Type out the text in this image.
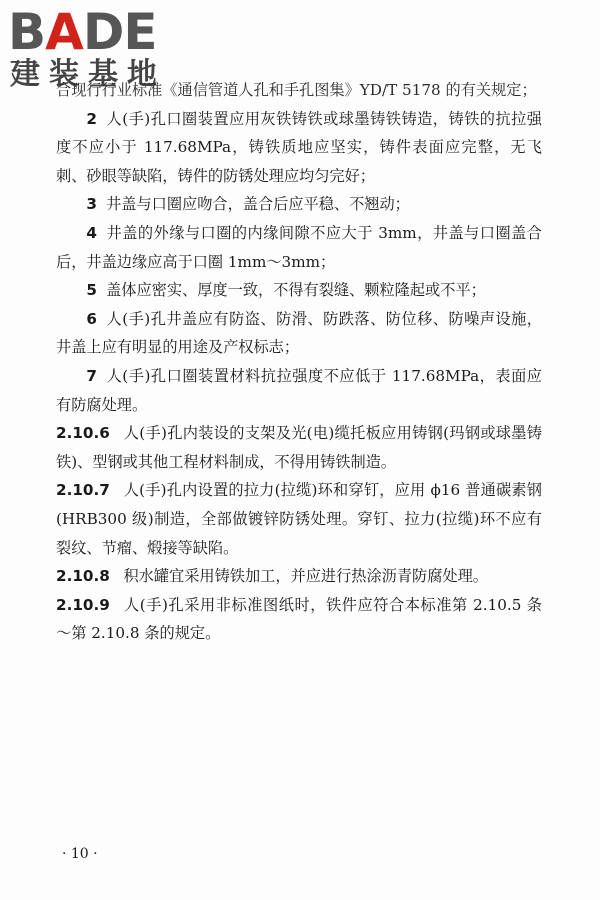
BADE
建装基地

合现行行业标准《通信管道人孔和手孔图集》YD/T 5178 的有关规定；

2 人(手)孔口圈装置应用灰铁铸铁或球墨铸铁铸造，铸铁的抗拉强度不应小于 117.68MPa，铸铁质地应坚实，铸件表面应完整，无飞刺、砂眼等缺陷，铸件的防锈处理应均匀完好；

3 井盖与口圈应吻合，盖合后应平稳、不翘动；

4 井盖的外缘与口圈的内缘间隙不应大于 3mm，井盖与口圈盖合后，井盖边缘应高于口圈 1mm～3mm；

5 盖体应密实、厚度一致，不得有裂缝、颗粒隆起或不平；

6 人(手)孔井盖应有防盗、防滑、防跌落、防位移、防噪声设施，井盖上应有明显的用途及产权标志；

7 人(手)孔口圈装置材料抗拉强度不应低于 117.68MPa，表面应有防腐处理。

2.10.6 人(手)孔内装设的支架及光(电)缆托板应用铸钢(玛钢或球墨铸铁)、型钢或其他工程材料制成，不得用铸铁制造。

2.10.7 人(手)孔内设置的拉力(拉缆)环和穿钉，应用 ϕ16 普通碳素钢(HRB300 级)制造，全部做镀锌防锈处理。穿钉、拉力(拉缆)环不应有裂纹、节瘤、煅接等缺陷。

2.10.8 积水罐宜采用铸铁加工，并应进行热涂沥青防腐处理。

2.10.9 人(手)孔采用非标准图纸时，铁件应符合本标准第 2.10.5 条～第 2.10.8 条的规定。

· 10 ·
